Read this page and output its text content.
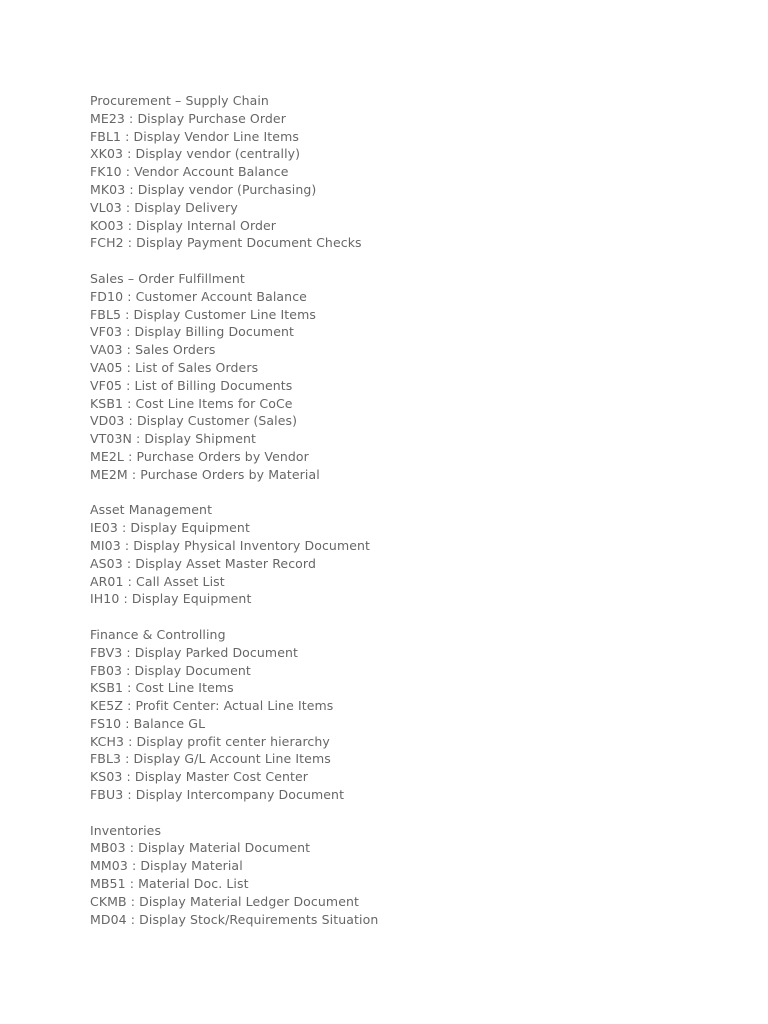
Procurement – Supply Chain
ME23 : Display Purchase Order
FBL1 : Display Vendor Line Items
XK03 : Display vendor (centrally)
FK10 : Vendor Account Balance
MK03 : Display vendor (Purchasing)
VL03 : Display Delivery
KO03 : Display Internal Order
FCH2 : Display Payment Document Checks
Sales – Order Fulfillment
FD10 : Customer Account Balance
FBL5 : Display Customer Line Items
VF03 : Display Billing Document
VA03 : Sales Orders
VA05 : List of Sales Orders
VF05 : List of Billing Documents
KSB1 : Cost Line Items for CoCe
VD03 : Display Customer (Sales)
VT03N : Display Shipment
ME2L : Purchase Orders by Vendor
ME2M : Purchase Orders by Material
Asset Management
IE03 : Display Equipment
MI03 : Display Physical Inventory Document
AS03 : Display Asset Master Record
AR01 : Call Asset List
IH10 : Display Equipment
Finance & Controlling
FBV3 : Display Parked Document
FB03 : Display Document
KSB1 : Cost Line Items
KE5Z : Profit Center: Actual Line Items
FS10 : Balance GL
KCH3 : Display profit center hierarchy
FBL3 : Display G/L Account Line Items
KS03 : Display Master Cost Center
FBU3 : Display Intercompany Document
Inventories
MB03 : Display Material Document
MM03 : Display Material
MB51 : Material Doc. List
CKMB : Display Material Ledger Document
MD04 : Display Stock/Requirements Situation
